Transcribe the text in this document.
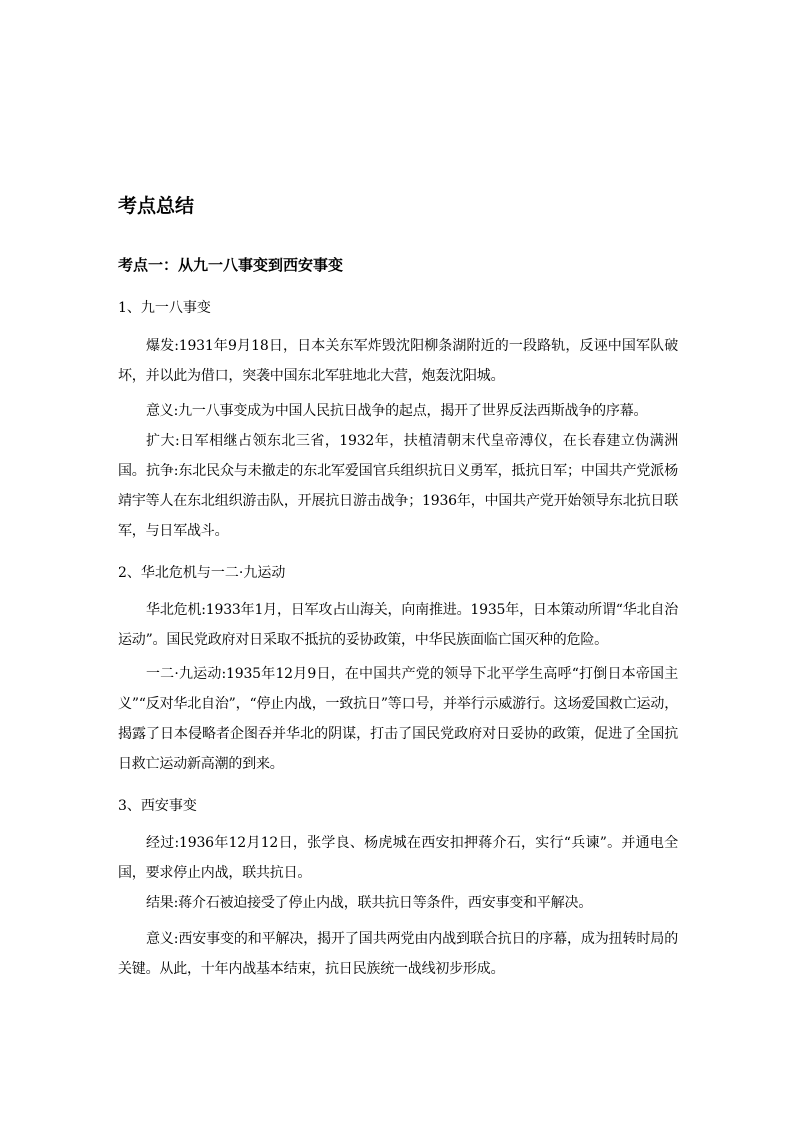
考点总结
考点一：从九一八事变到西安事变
1、九一八事变
爆发:1931年9月18日，日本关东军炸毁沈阳柳条湖附近的一段路轨，反诬中国军队破坏，并以此为借口，突袭中国东北军驻地北大营，炮轰沈阳城。
意义:九一八事变成为中国人民抗日战争的起点，揭开了世界反法西斯战争的序幕。
扩大:日军相继占领东北三省，1932年，扶植清朝末代皇帝溥仪，在长春建立伪满洲国。 抗争:东北民众与未撤走的东北军爱国官兵组织抗日义勇军，抵抗日军；中国共产党派杨靖宇等人在东北组织游击队，开展抗日游击战争；1936年，中国共产党开始领导东北抗日联军，与日军战斗。
2、华北危机与一二·九运动
华北危机:1933年1月，日军攻占山海关，向南推进。1935年，日本策动所谓“华北自治运动”。国民党政府对日采取不抵抗的妥协政策，中华民族面临亡国灭种的危险。
一二·九运动:1935年12月9日，在中国共产党的领导下北平学生高呼“打倒日本帝国主义”“反对华北自治”，“停止内战，一致抗日”等口号，并举行示威游行。这场爱国救亡运动，揭露了日本侵略者企图吞并华北的阴谋，打击了国民党政府对日妥协的政策，促进了全国抗日救亡运动新高潮的到来。
3、西安事变
经过:1936年12月12日，张学良、杨虎城在西安扣押蒋介石，实行“兵谏”。并通电全国，要求停止内战，联共抗日。
结果:蒋介石被迫接受了停止内战，联共抗日等条件，西安事变和平解决。
意义:西安事变的和平解决，揭开了国共两党由内战到联合抗日的序幕，成为扭转时局的关键。从此，十年内战基本结束，抗日民族统一战线初步形成。
